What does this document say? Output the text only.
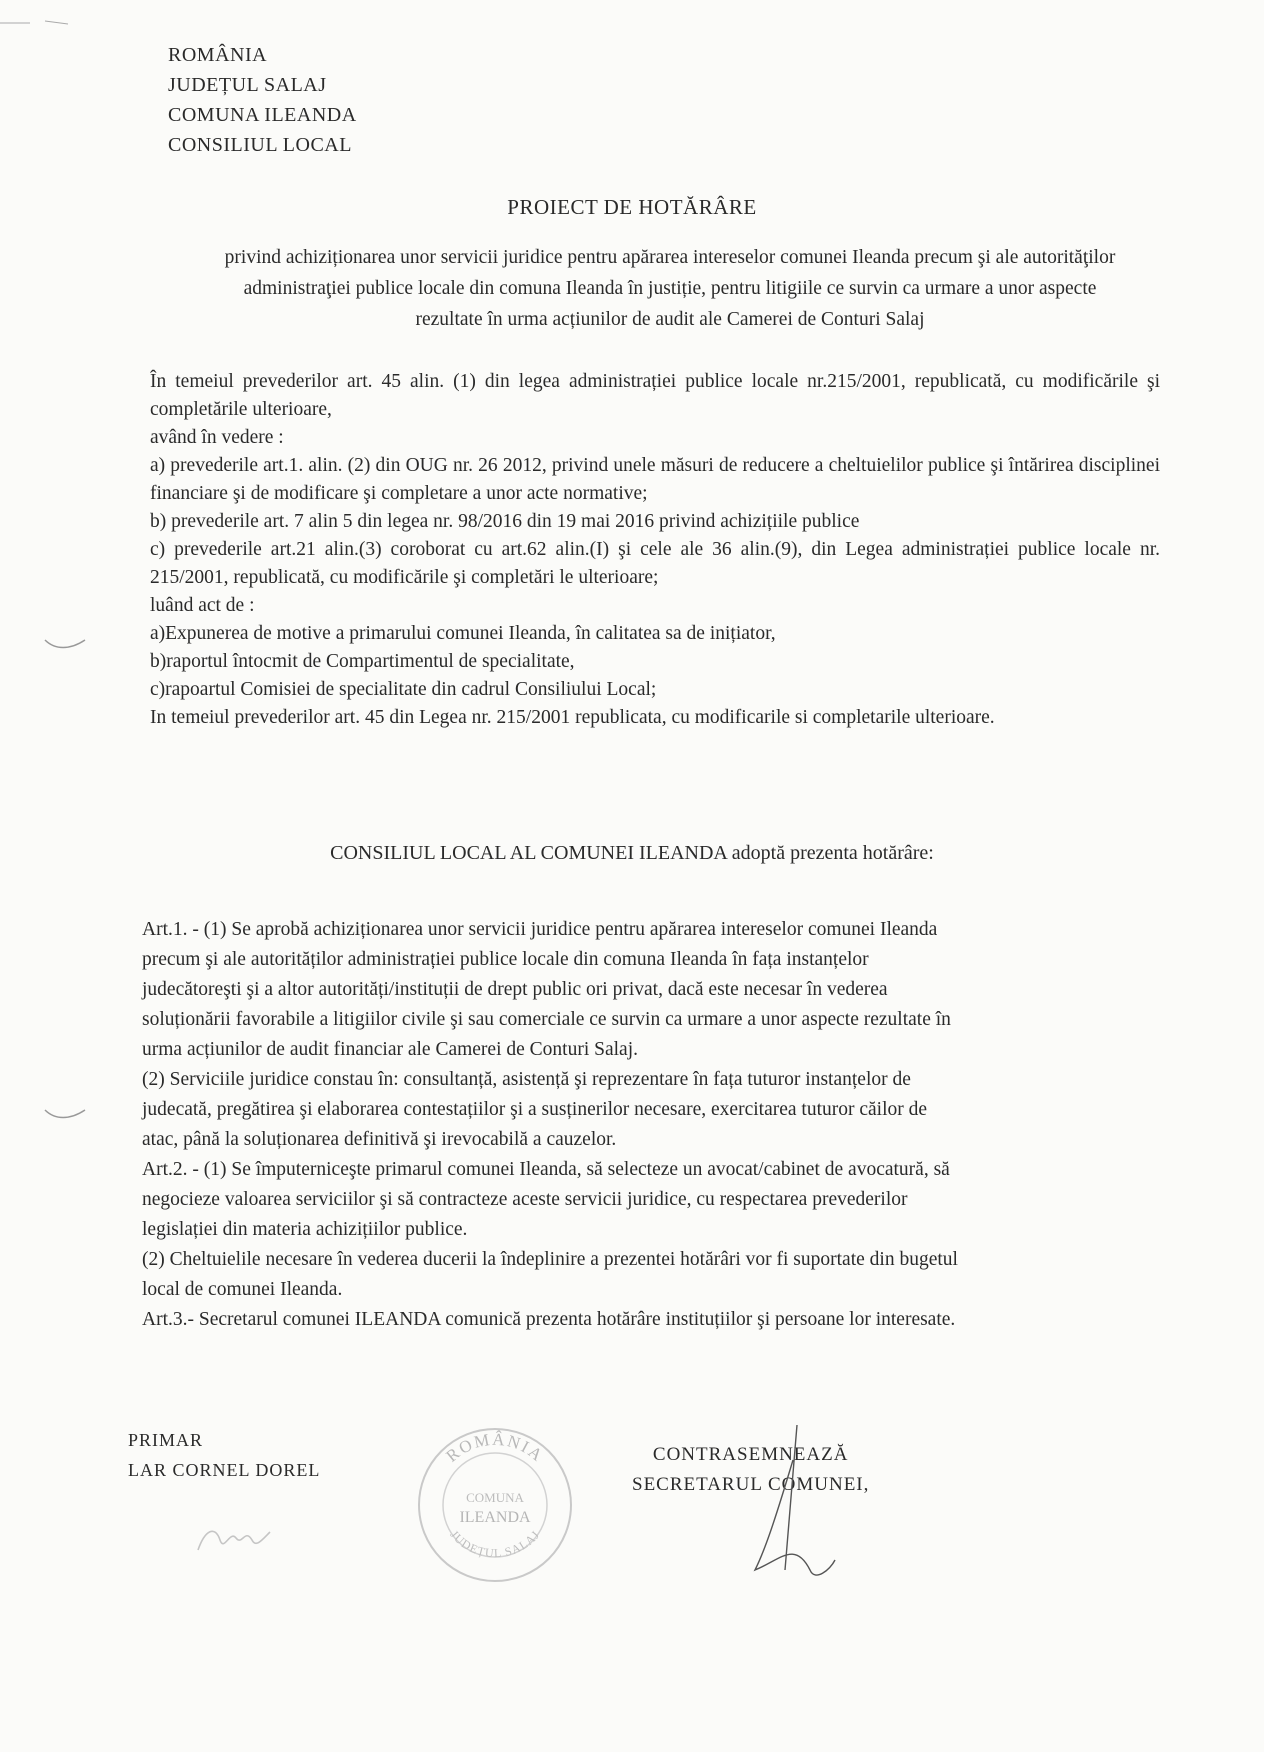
ROMÂNIA
JUDEȚUL SALAJ
COMUNA ILEANDA
CONSILIUL LOCAL
PROIECT DE HOTĂRÂRE
privind achiziționarea unor servicii juridice pentru apărarea intereselor comunei Ileanda precum şi ale autorităţilor administraţiei publice locale din comuna Ileanda în justiție, pentru litigiile ce survin ca urmare a unor aspecte rezultate în urma acțiunilor de audit ale Camerei de Conturi Salaj

În temeiul prevederilor art. 45 alin. (1) din legea administrației publice locale nr.215/2001, republicată, cu modificările şi completările ulterioare,

având în vedere :

a) prevederile art.1. alin. (2) din OUG nr. 26 2012, privind unele măsuri de reducere a cheltuielilor publice şi întărirea disciplinei financiare şi de modificare şi completare a unor acte normative;

b) prevederile art. 7 alin 5 din legea nr. 98/2016 din 19 mai 2016 privind achizițiile publice

c) prevederile art.21 alin.(3) coroborat cu art.62 alin.(I) şi cele ale 36 alin.(9), din Legea administrației publice locale nr. 215/2001, republicată, cu modificările şi completări le ulterioare;

luând act de :

a)Expunerea de motive a primarului comunei Ileanda, în calitatea sa de inițiator,

b)raportul întocmit de Compartimentul de specialitate,

c)rapoartul Comisiei de specialitate din cadrul Consiliului Local;

In temeiul prevederilor art. 45 din Legea nr. 215/2001 republicata, cu modificarile si completarile ulterioare.

CONSILIUL LOCAL AL COMUNEI ILEANDA adoptă prezenta hotărâre:

Art.1. - (1) Se aprobă achiziționarea unor servicii juridice pentru apărarea intereselor comunei Ileanda precum şi ale autorităților administrației publice locale din comuna Ileanda în fața instanțelor judecătoreşti şi a altor autorități/instituții de drept public ori privat, dacă este necesar în vederea soluționării favorabile a litigiilor civile şi sau comerciale ce survin ca urmare a unor aspecte rezultate în urma acțiunilor de audit financiar ale Camerei de Conturi Salaj.

(2) Serviciile juridice constau în: consultanță, asistență şi reprezentare în fața tuturor instanțelor de judecată, pregătirea şi elaborarea contestațiilor şi a susținerilor necesare, exercitarea tuturor căilor de atac, până la soluționarea definitivă şi irevocabilă a cauzelor.

Art.2. - (1) Se împuterniceşte primarul comunei Ileanda, să selecteze un avocat/cabinet de avocatură, să negocieze valoarea serviciilor şi să contracteze aceste servicii juridice, cu respectarea prevederilor legislației din materia achizițiilor publice.

(2) Cheltuielile necesare în vederea ducerii la îndeplinire a prezentei hotărâri vor fi suportate din bugetul local de comunei Ileanda.

Art.3.- Secretarul comunei ILEANDA comunică prezenta hotărâre instituțiilor şi persoane lor interesate.

PRIMAR
LAR CORNEL DOREL
ROMÂNIA
COMUNA
ILEANDA
JUDEȚUL SALAJ
CONTRASEMNEAZĂ
SECRETARUL COMUNEI,
